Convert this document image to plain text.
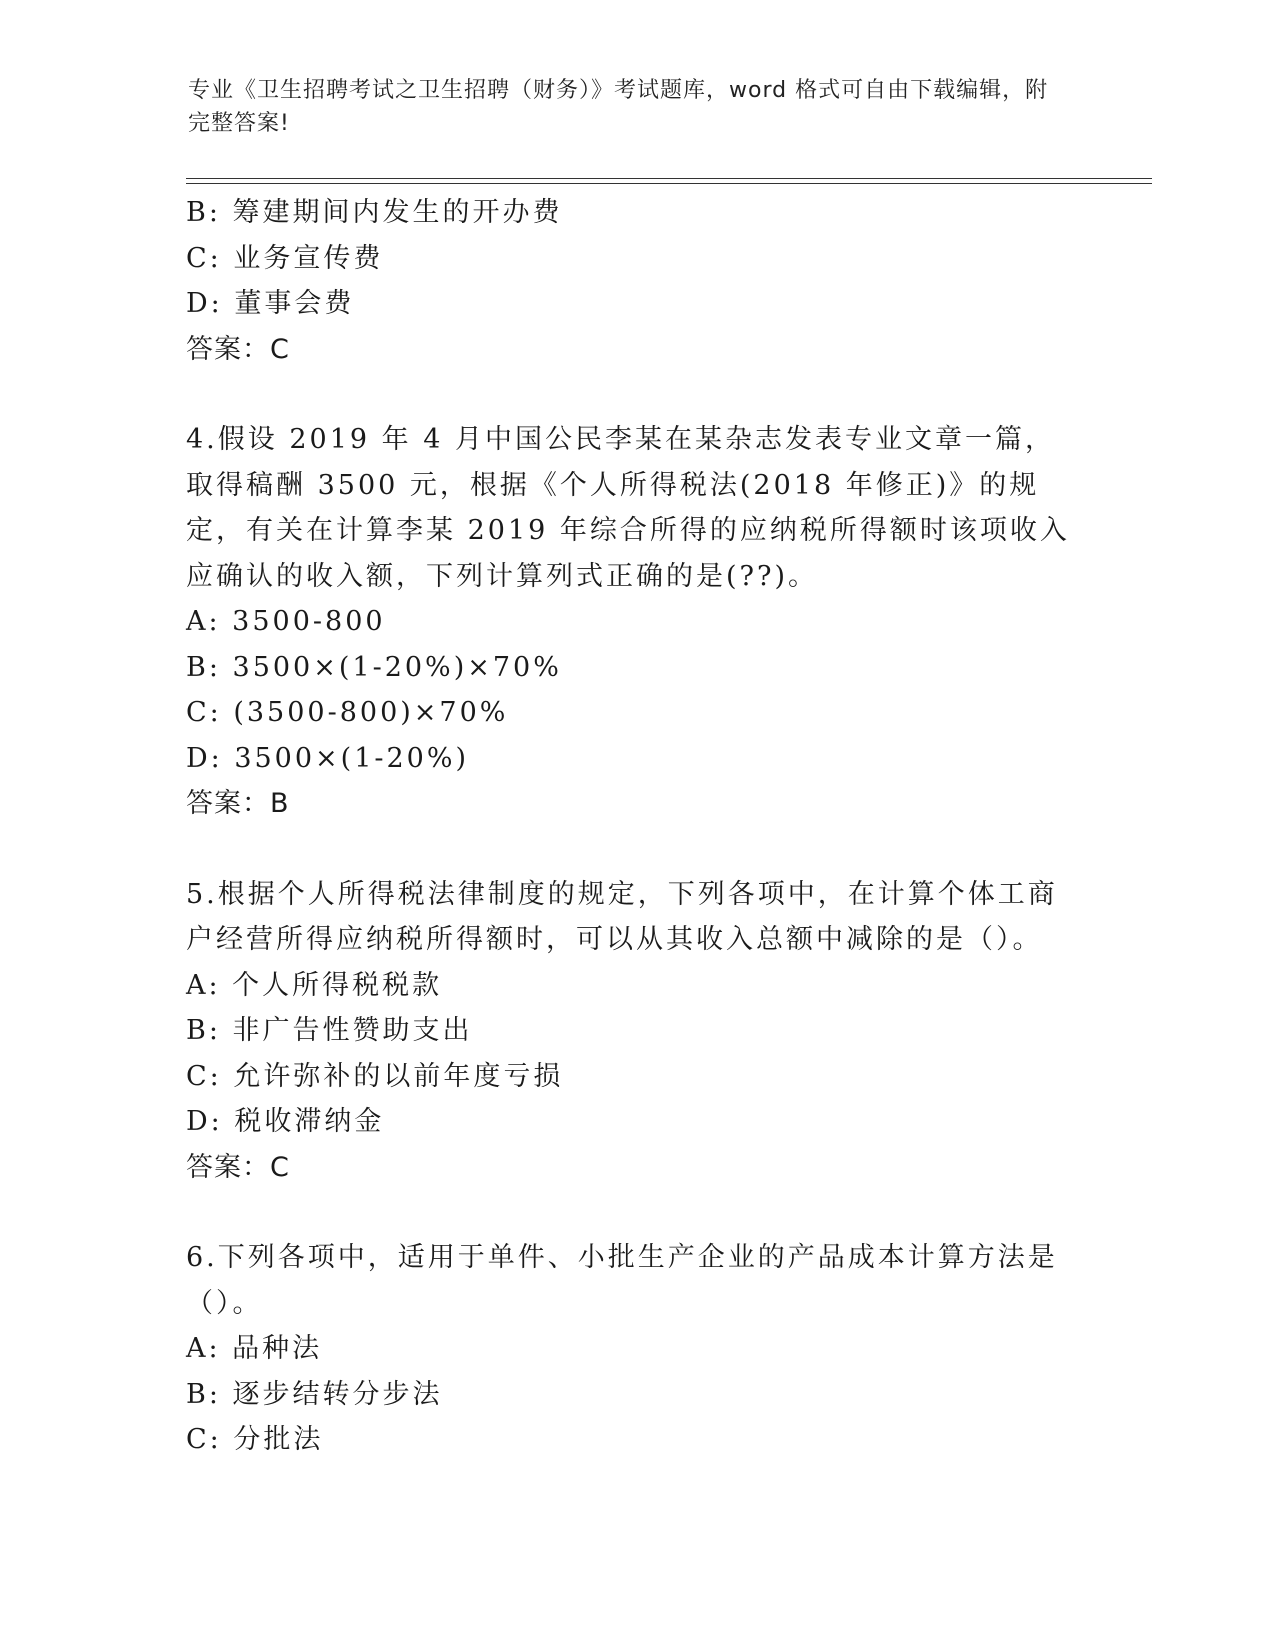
专业《卫生招聘考试之卫生招聘（财务）》考试题库，word 格式可自由下载编辑，附完整答案!
B: 筹建期间内发生的开办费
C: 业务宣传费
D: 董事会费
答案：C
4.假设 2019 年 4 月中国公民李某在某杂志发表专业文章一篇，取得稿酬 3500 元，根据《个人所得税法(2018 年修正)》的规定，有关在计算李某 2019 年综合所得的应纳税所得额时该项收入应确认的收入额，下列计算列式正确的是(??)。
A: 3500-800
B: 3500×(1-20%)×70%
C: (3500-800)×70%
D: 3500×(1-20%)
答案：B
5.根据个人所得税法律制度的规定，下列各项中，在计算个体工商户经营所得应纳税所得额时，可以从其收入总额中减除的是（）。
A: 个人所得税税款
B: 非广告性赞助支出
C: 允许弥补的以前年度亏损
D: 税收滞纳金
答案：C
6.下列各项中，适用于单件、小批生产企业的产品成本计算方法是（）。
A: 品种法
B: 逐步结转分步法
C: 分批法
